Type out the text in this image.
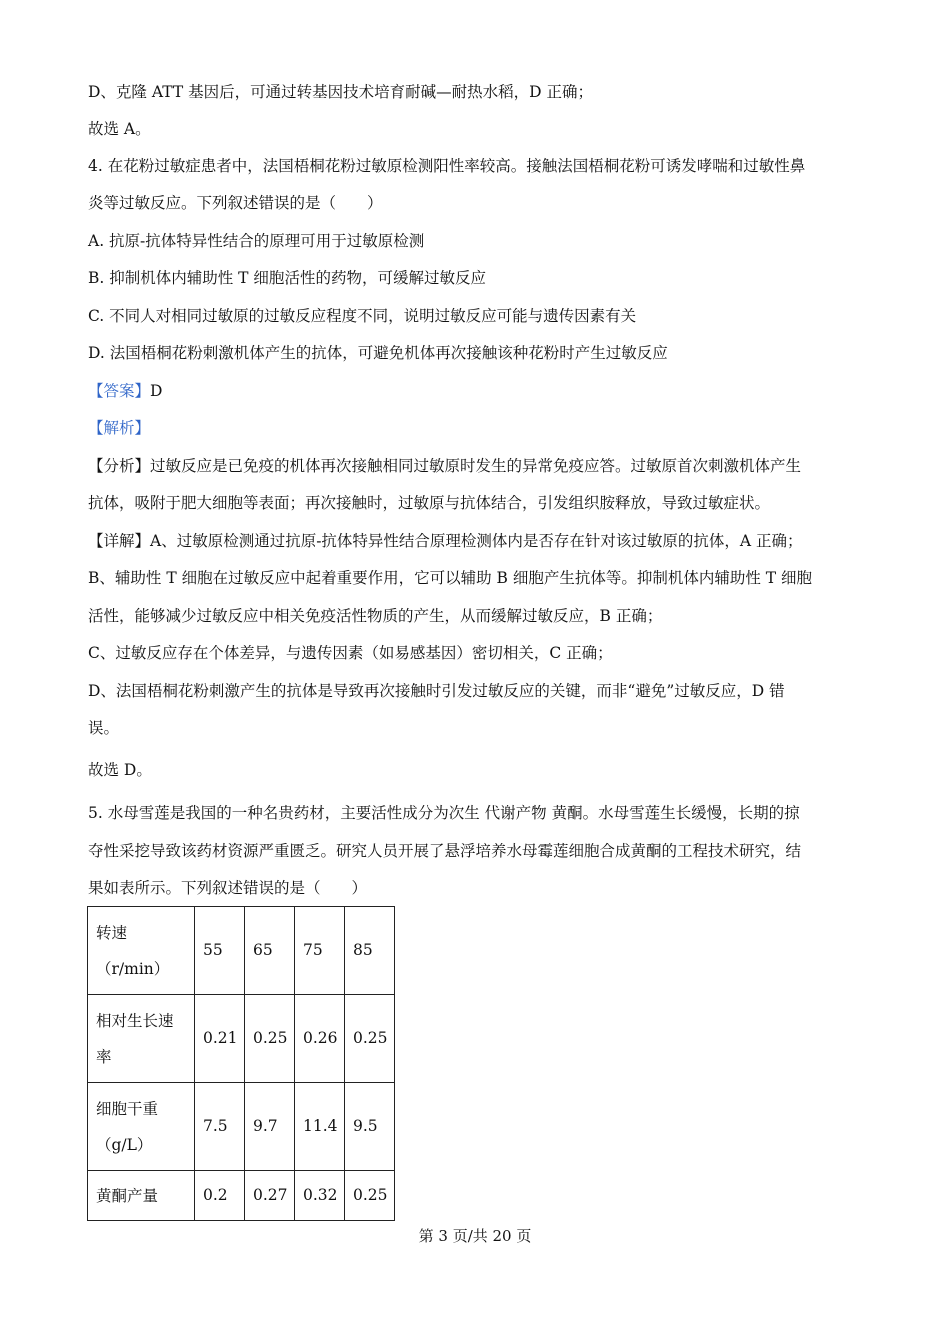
D、克隆 ATT 基因后，可通过转基因技术培育耐碱—耐热水稻，D 正确；
故选 A。
4. 在花粉过敏症患者中，法国梧桐花粉过敏原检测阳性率较高。接触法国梧桐花粉可诱发哮喘和过敏性鼻
炎等过敏反应。下列叙述错误的是（　　）
A. 抗原-抗体特异性结合的原理可用于过敏原检测
B. 抑制机体内辅助性 T 细胞活性的药物，可缓解过敏反应
C. 不同人对相同过敏原的过敏反应程度不同，说明过敏反应可能与遗传因素有关
D. 法国梧桐花粉刺激机体产生的抗体，可避免机体再次接触该种花粉时产生过敏反应
【答案】D
【解析】
【分析】过敏反应是已免疫的机体再次接触相同过敏原时发生的异常免疫应答。过敏原首次刺激机体产生
抗体，吸附于肥大细胞等表面；再次接触时，过敏原与抗体结合，引发组织胺释放，导致过敏症状。
【详解】A、过敏原检测通过抗原-抗体特异性结合原理检测体内是否存在针对该过敏原的抗体，A 正确；
B、辅助性 T 细胞在过敏反应中起着重要作用，它可以辅助 B 细胞产生抗体等。抑制机体内辅助性 T 细胞
活性，能够减少过敏反应中相关免疫活性物质的产生，从而缓解过敏反应，B 正确；
C、过敏反应存在个体差异，与遗传因素（如易感基因）密切相关，C 正确；
D、法国梧桐花粉刺激产生的抗体是导致再次接触时引发过敏反应的关键，而非“避免”过敏反应，D 错
误。
故选 D。
5. 水母雪莲是我国的一种名贵药材，主要活性成分为次生 代谢产物 黄酮。水母雪莲生长缓慢，长期的掠
夺性采挖导致该药材资源严重匮乏。研究人员开展了悬浮培养水母霉莲细胞合成黄酮的工程技术研究，结
果如表所示。下列叙述错误的是（　　）
转速
（r/min）	55	65	75	85

相对生长速
率	0.21	0.25	0.26	0.25

细胞干重
（g/L）	7.5	9.7	11.4	9.5

黄酮产量	0.2	0.27	0.32	0.25
第 3 页/共 20 页
